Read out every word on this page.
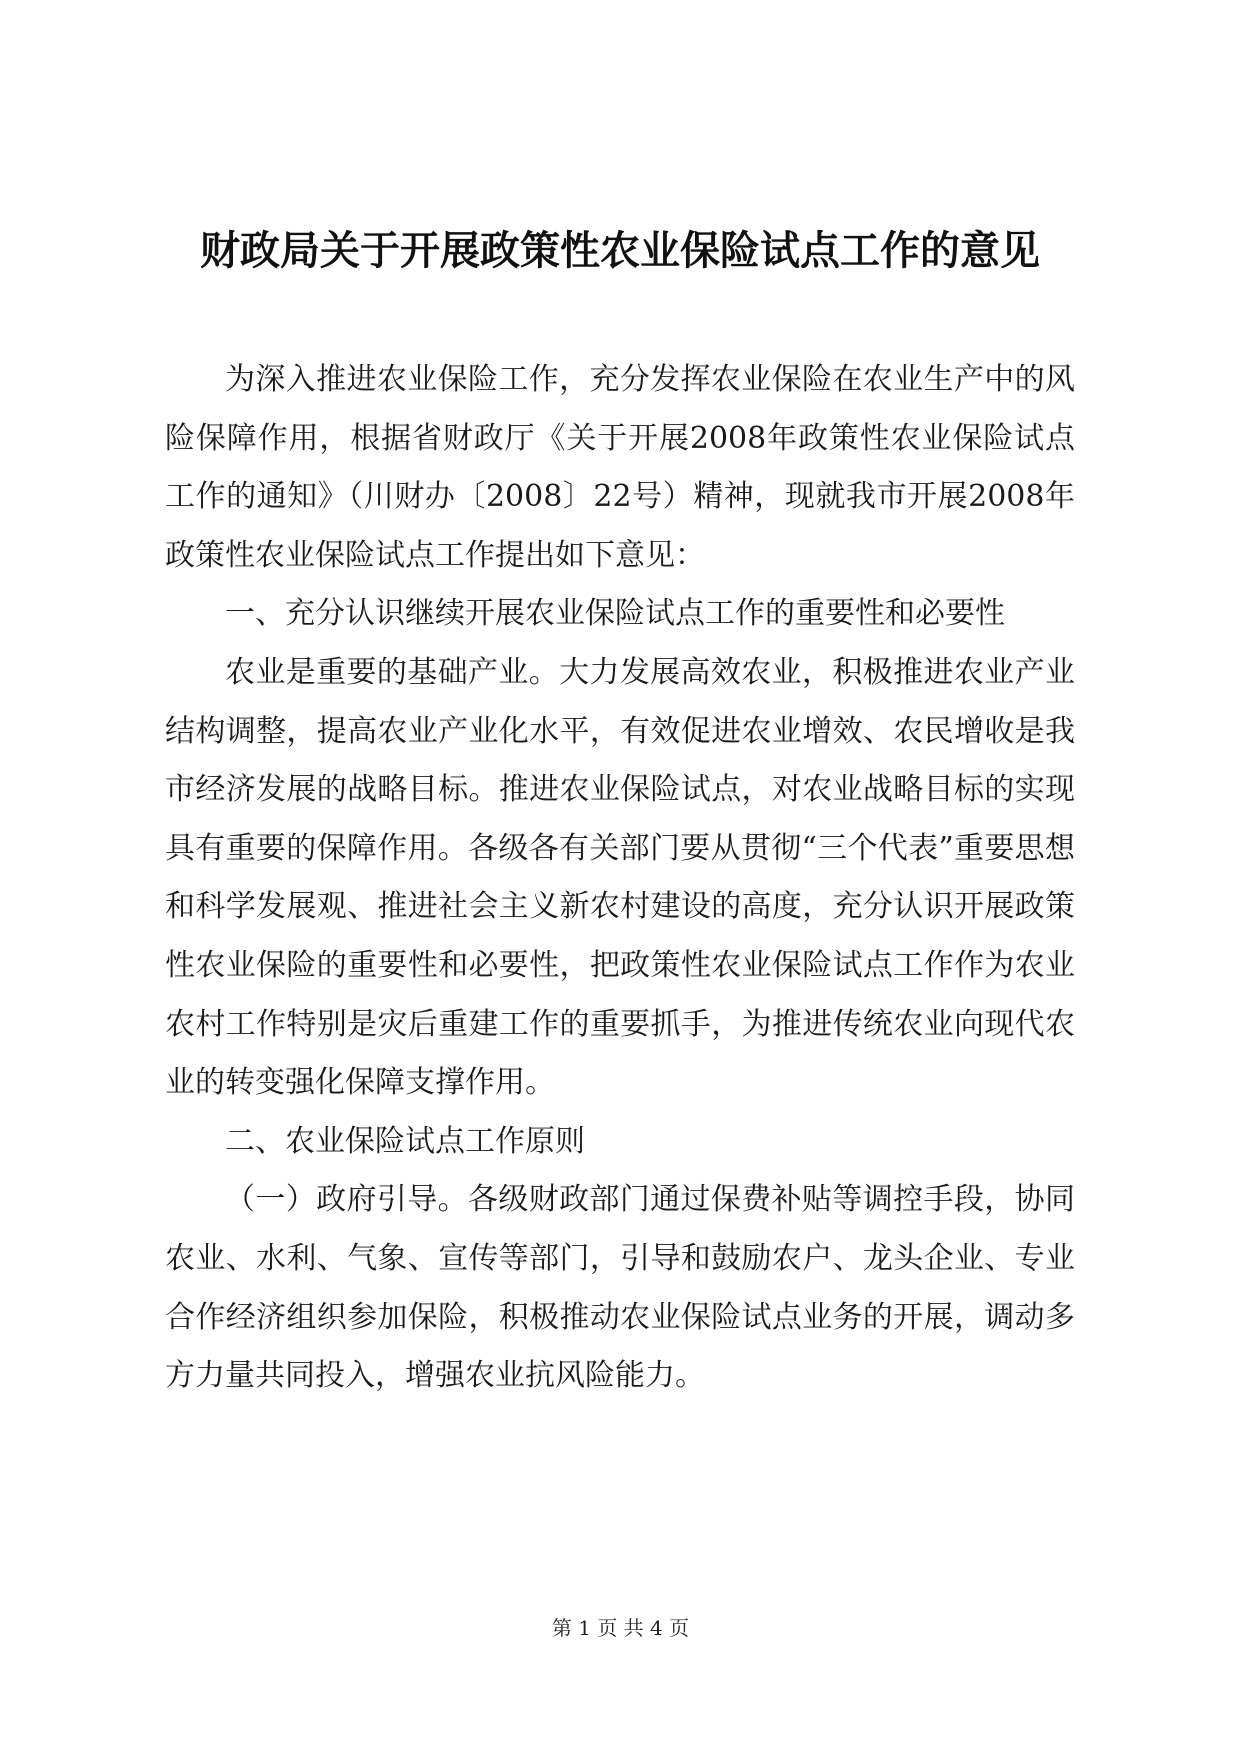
财政局关于开展政策性农业保险试点工作的意见

为深入推进农业保险工作，充分发挥农业保险在农业生产中的风险保障作用，根据省财政厅《关于开展2008年政策性农业保险试点工作的通知》（川财办〔2008〕22号）精神，现就我市开展2008年政策性农业保险试点工作提出如下意见：

一、充分认识继续开展农业保险试点工作的重要性和必要性

农业是重要的基础产业。大力发展高效农业，积极推进农业产业结构调整，提高农业产业化水平，有效促进农业增效、农民增收是我市经济发展的战略目标。推进农业保险试点，对农业战略目标的实现具有重要的保障作用。各级各有关部门要从贯彻“三个代表”重要思想和科学发展观、推进社会主义新农村建设的高度，充分认识开展政策性农业保险的重要性和必要性，把政策性农业保险试点工作作为农业农村工作特别是灾后重建工作的重要抓手，为推进传统农业向现代农业的转变强化保障支撑作用。

二、农业保险试点工作原则

（一）政府引导。各级财政部门通过保费补贴等调控手段，协同农业、水利、气象、宣传等部门，引导和鼓励农户、龙头企业、专业合作经济组织参加保险，积极推动农业保险试点业务的开展，调动多方力量共同投入，增强农业抗风险能力。

第 1 页 共 4 页
